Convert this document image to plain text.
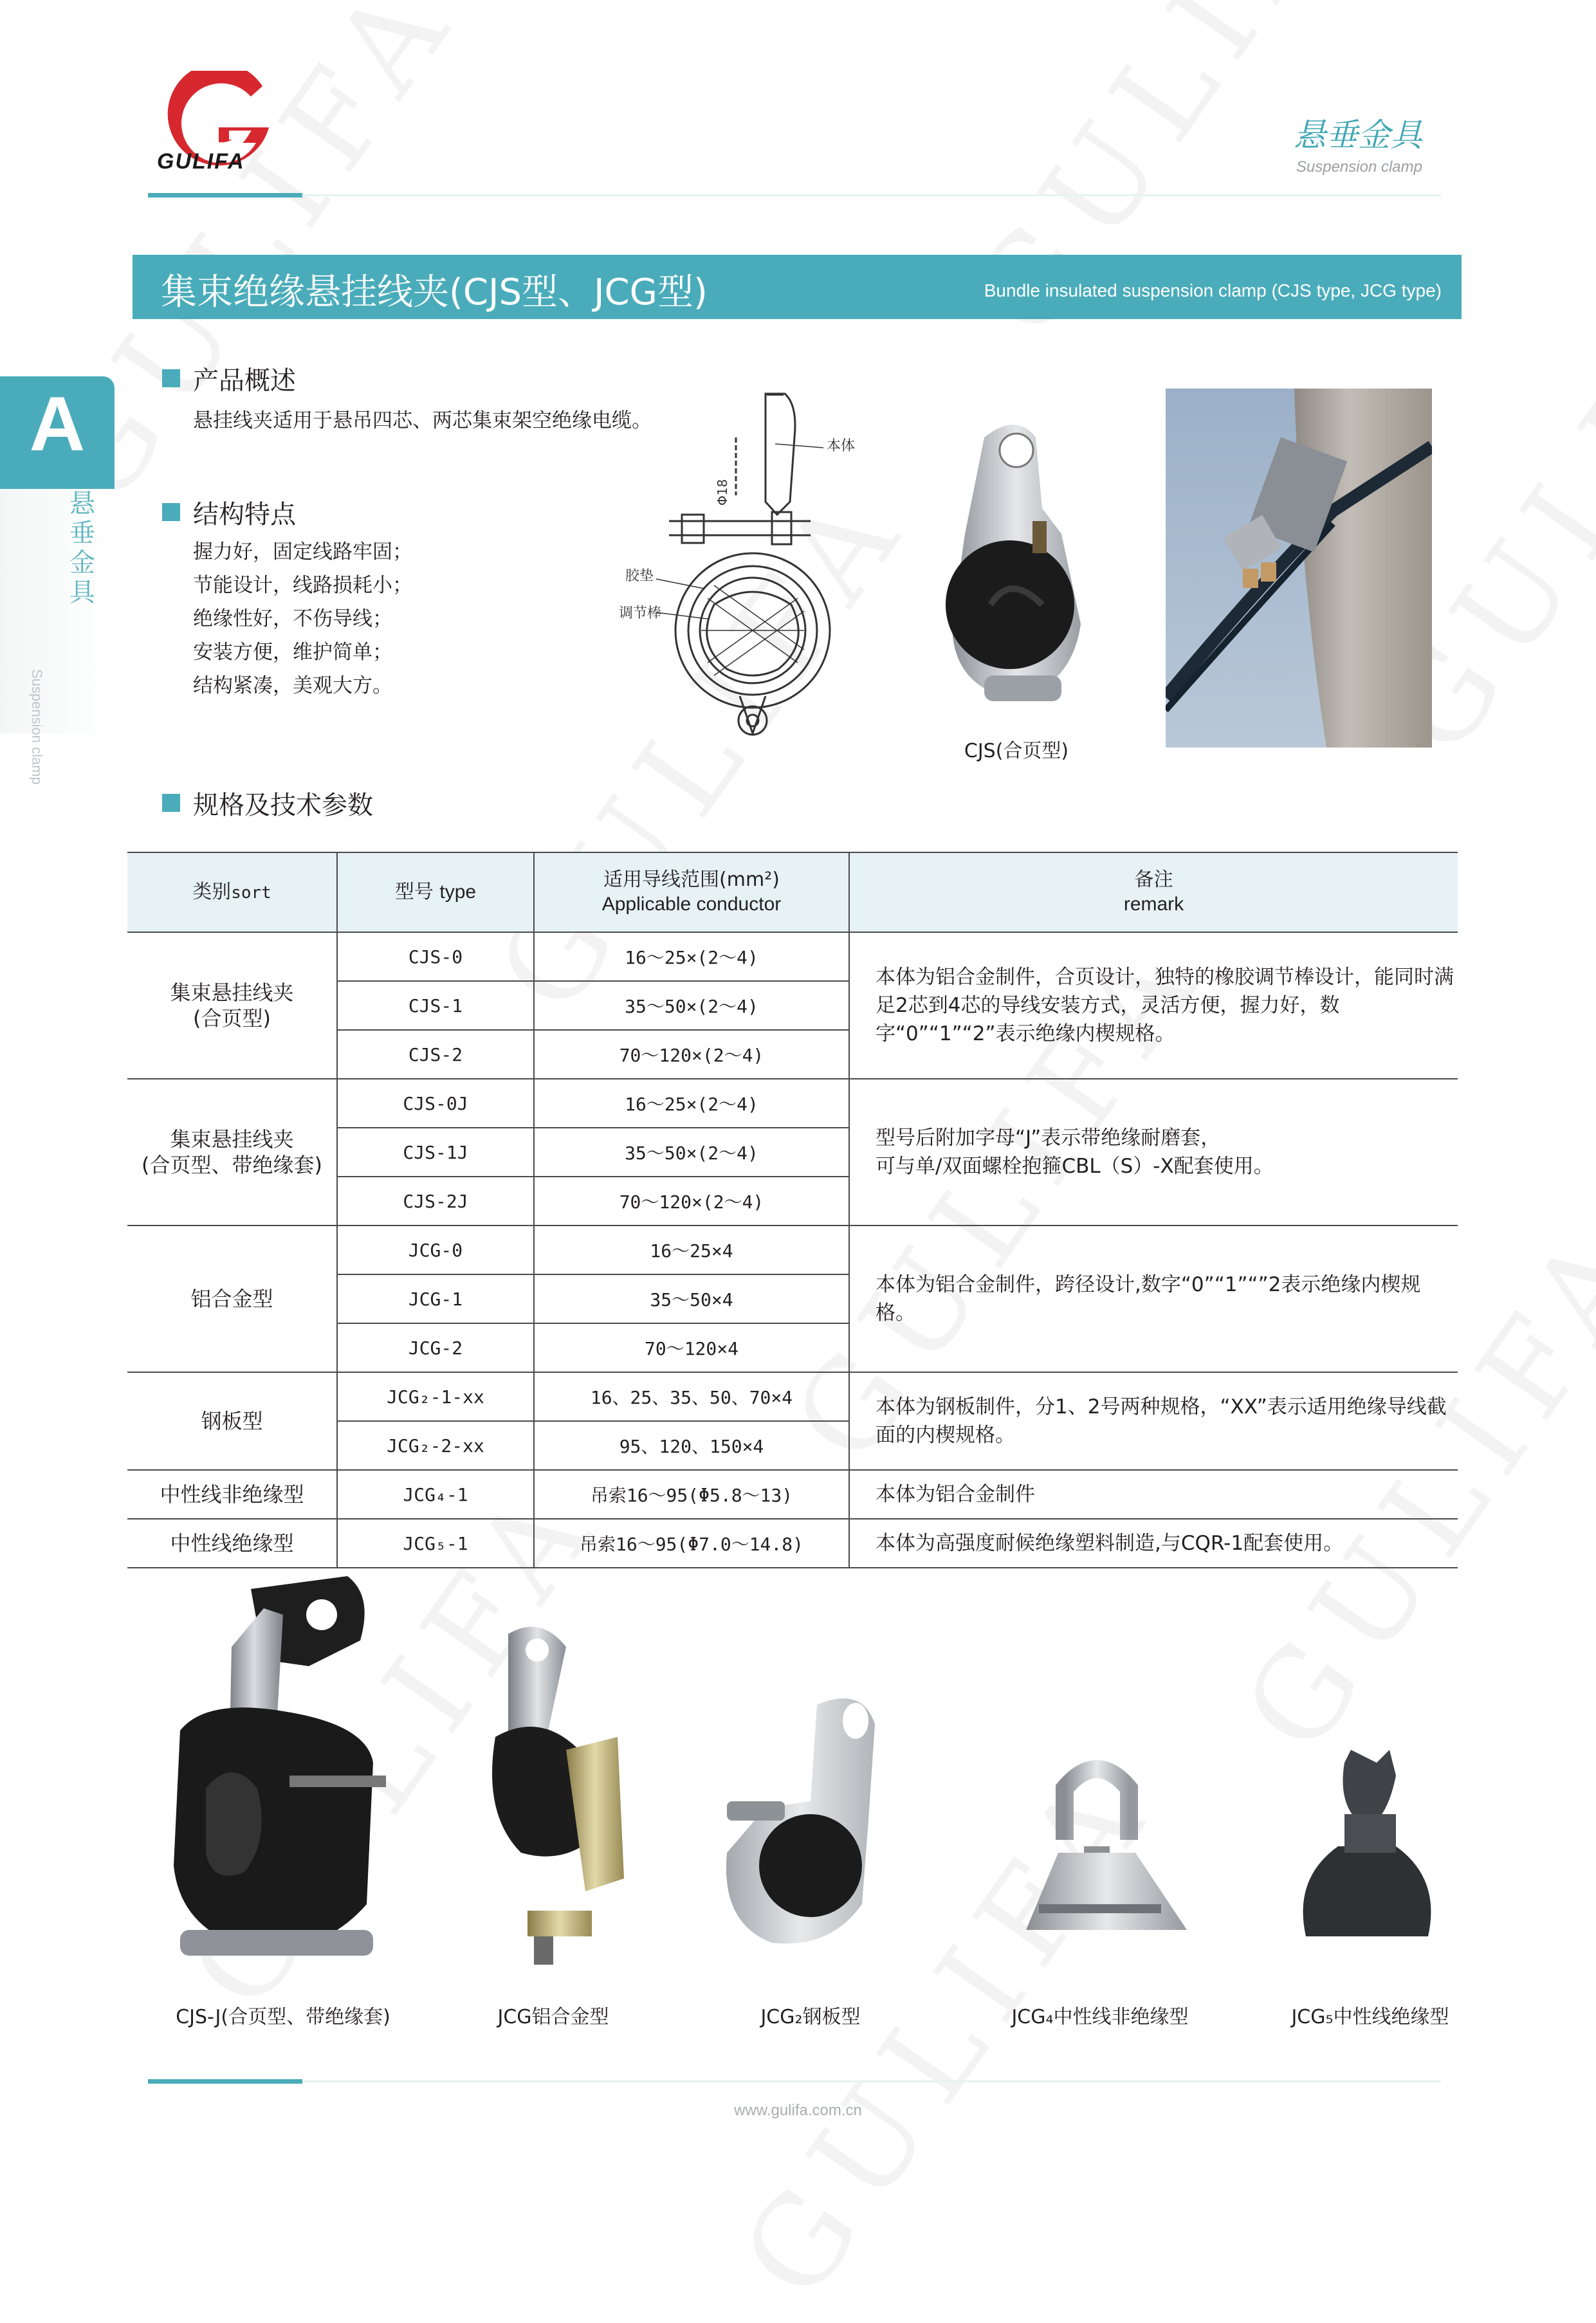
GULIFA
悬垂金具
Suspension clamp
A
悬垂金具
Suspension clamp
集束绝缘悬挂线夹(CJS型、JCG型)	Bundle insulated suspension clamp (CJS type, JCG type)
产品概述
悬挂线夹适用于悬吊四芯、两芯集束架空绝缘电缆。
结构特点
握力好，固定线路牢固；
节能设计，线路损耗小；
绝缘性好，不伤导线；
安装方便，维护简单；
结构紧凑，美观大方。
Φ18
本体
胶垫
调节棒
CJS(合页型)
规格及技术参数
类别sort	型号 type	适用导线范围(mm²)
Applicable conductor	备注
remark
集束悬挂线夹
(合页型)	CJS-0	16～25×(2～4)	本体为铝合金制件，合页设计，独特的橡胶调节棒设计，能同时满足2芯到4芯的导线安装方式，灵活方便，握力好，数字“0”“1”“2”表示绝缘内楔规格。
	CJS-1	35～50×(2～4)	
	CJS-2	70～120×(2～4)	
集束悬挂线夹
(合页型、带绝缘套)	CJS-0J	16～25×(2～4)	型号后附加字母“J”表示带绝缘耐磨套，
可与单/双面螺栓抱箍CBL（S）-X配套使用。
	CJS-1J	35～50×(2～4)	
	CJS-2J	70～120×(2～4)	
铝合金型	JCG-0	16～25×4	本体为铝合金制件，跨径设计,数字“0”“1”“”2表示绝缘内楔规格。
	JCG-1	35～50×4	
	JCG-2	70～120×4	
钢板型	JCG₂-1-xx	16、25、35、50、70×4	本体为钢板制件，分1、2号两种规格，“XX”表示适用绝缘导线截面的内楔规格。
	JCG₂-2-xx	95、120、150×4	
中性线非绝缘型	JCG₄-1	吊索16～95(Φ5.8～13)	本体为铝合金制件
中性线绝缘型	JCG₅-1	吊索16～95(Φ7.0～14.8)	本体为高强度耐候绝缘塑料制造,与CQR-1配套使用。
CJS-J(合页型、带绝缘套)	JCG铝合金型	JCG₂钢板型	JCG₄中性线非绝缘型	JCG₅中性线绝缘型
www.gulifa.com.cn
